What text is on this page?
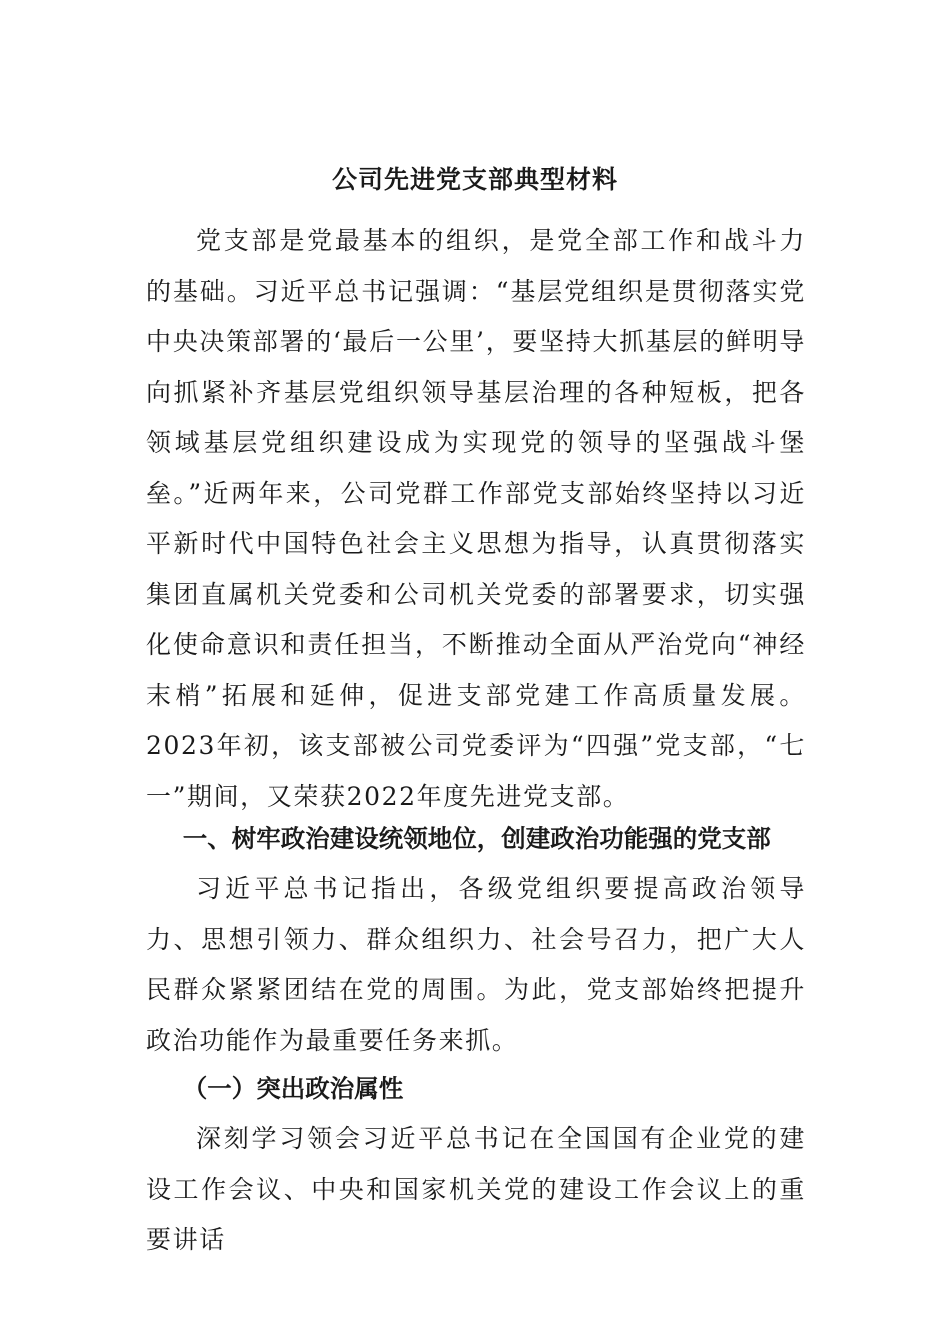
公司先进党支部典型材料

党支部是党最基本的组织，是党全部工作和战斗力的基础。习近平总书记强调：“基层党组织是贯彻落实党中央决策部署的‘最后一公里’，要坚持大抓基层的鲜明导向抓紧补齐基层党组织领导基层治理的各种短板，把各领域基层党组织建设成为实现党的领导的坚强战斗堡垒。”近两年来，公司党群工作部党支部始终坚持以习近平新时代中国特色社会主义思想为指导，认真贯彻落实集团直属机关党委和公司机关党委的部署要求，切实强化使命意识和责任担当，不断推动全面从严治党向“神经末梢”拓展和延伸，促进支部党建工作高质量发展。2023年初，该支部被公司党委评为“四强”党支部，“七一”期间，又荣获2022年度先进党支部。

一、树牢政治建设统领地位，创建政治功能强的党支部

习近平总书记指出，各级党组织要提高政治领导力、思想引领力、群众组织力、社会号召力，把广大人民群众紧紧团结在党的周围。为此，党支部始终把提升政治功能作为最重要任务来抓。

（一）突出政治属性

深刻学习领会习近平总书记在全国国有企业党的建设工作会议、中央和国家机关党的建设工作会议上的重要讲话
